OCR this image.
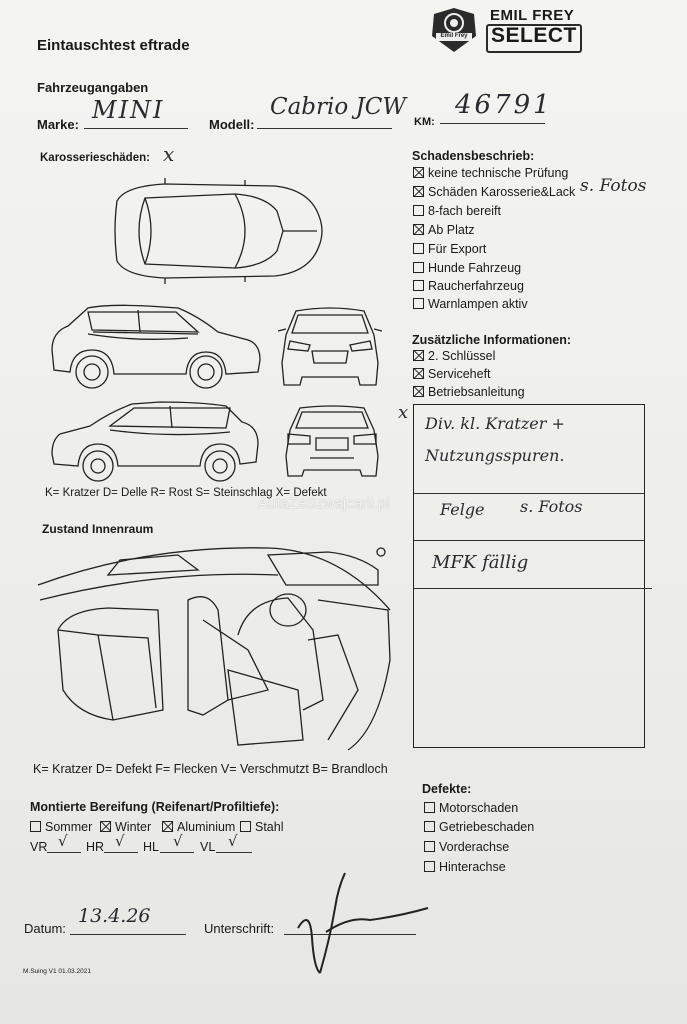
Eintauschtest eftrade
Emil Frey
EMIL FREY
SELECT
Fahrzeugangaben
Marke:
MINI
Modell:
Cabrio JCW
KM:
46791
Karosserieschäden: x
K= Kratzer D= Delle R= Rost S= Steinschlag X= Defekt
Schadensbeschrieb:
keine technische Prüfung
Schäden Karosserie&Lack s. Fotos
8-fach bereift
Ab Platz
Für Export
Hunde Fahrzeug
Raucherfahrzeug
Warnlampen aktiv
Zusätzliche Informationen:
2. Schlüssel
Serviceheft
Betriebsanleitung
x
Div. kl. Kratzer +
Nutzungsspuren.
Felge s. Fotos
MFK fällig
AutaZeSzwajcarii.pl
Zustand Innenraum
K= Kratzer D= Defekt F= Flecken V= Verschmutzt B= Brandloch
Montierte Bereifung (Reifenart/Profiltiefe):
Sommer	Winter	Aluminium	Stahl
VR √ HR √ HL √ VL √
Defekte:
Motorschaden
Getriebeschaden
Vorderachse
Hinterachse
Datum:
13.4.26
Unterschrift:
M.Suing V1 01.03.2021
